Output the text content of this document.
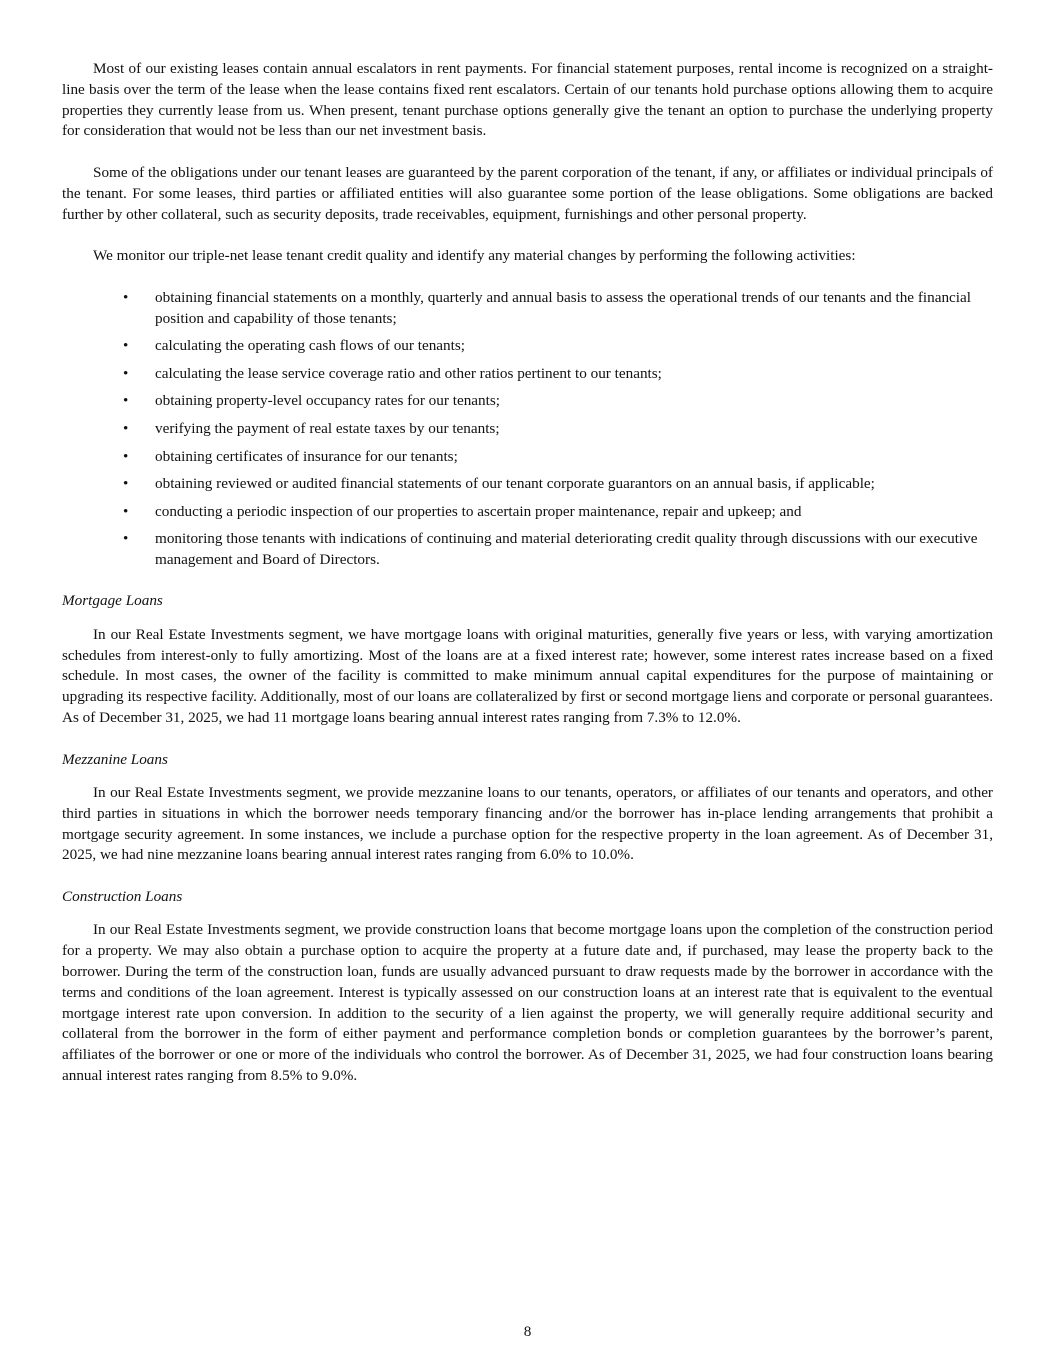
Most of our existing leases contain annual escalators in rent payments. For financial statement purposes, rental income is recognized on a straight-line basis over the term of the lease when the lease contains fixed rent escalators. Certain of our tenants hold purchase options allowing them to acquire properties they currently lease from us. When present, tenant purchase options generally give the tenant an option to purchase the underlying property for consideration that would not be less than our net investment basis.

Some of the obligations under our tenant leases are guaranteed by the parent corporation of the tenant, if any, or affiliates or individual principals of the tenant. For some leases, third parties or affiliated entities will also guarantee some portion of the lease obligations. Some obligations are backed further by other collateral, such as security deposits, trade receivables, equipment, furnishings and other personal property.

We monitor our triple-net lease tenant credit quality and identify any material changes by performing the following activities:

• obtaining financial statements on a monthly, quarterly and annual basis to assess the operational trends of our tenants and the financial position and capability of those tenants;
• calculating the operating cash flows of our tenants;
• calculating the lease service coverage ratio and other ratios pertinent to our tenants;
• obtaining property-level occupancy rates for our tenants;
• verifying the payment of real estate taxes by our tenants;
• obtaining certificates of insurance for our tenants;
• obtaining reviewed or audited financial statements of our tenant corporate guarantors on an annual basis, if applicable;
• conducting a periodic inspection of our properties to ascertain proper maintenance, repair and upkeep; and
• monitoring those tenants with indications of continuing and material deteriorating credit quality through discussions with our executive management and Board of Directors.
Mortgage Loans

In our Real Estate Investments segment, we have mortgage loans with original maturities, generally five years or less, with varying amortization schedules from interest-only to fully amortizing. Most of the loans are at a fixed interest rate; however, some interest rates increase based on a fixed schedule. In most cases, the owner of the facility is committed to make minimum annual capital expenditures for the purpose of maintaining or upgrading its respective facility. Additionally, most of our loans are collateralized by first or second mortgage liens and corporate or personal guarantees. As of December 31, 2025, we had 11 mortgage loans bearing annual interest rates ranging from 7.3% to 12.0%.

Mezzanine Loans

In our Real Estate Investments segment, we provide mezzanine loans to our tenants, operators, or affiliates of our tenants and operators, and other third parties in situations in which the borrower needs temporary financing and/or the borrower has in-place lending arrangements that prohibit a mortgage security agreement. In some instances, we include a purchase option for the respective property in the loan agreement. As of December 31, 2025, we had nine mezzanine loans bearing annual interest rates ranging from 6.0% to 10.0%.

Construction Loans

In our Real Estate Investments segment, we provide construction loans that become mortgage loans upon the completion of the construction period for a property. We may also obtain a purchase option to acquire the property at a future date and, if purchased, may lease the property back to the borrower. During the term of the construction loan, funds are usually advanced pursuant to draw requests made by the borrower in accordance with the terms and conditions of the loan agreement. Interest is typically assessed on our construction loans at an interest rate that is equivalent to the eventual mortgage interest rate upon conversion. In addition to the security of a lien against the property, we will generally require additional security and collateral from the borrower in the form of either payment and performance completion bonds or completion guarantees by the borrower’s parent, affiliates of the borrower or one or more of the individuals who control the borrower. As of December 31, 2025, we had four construction loans bearing annual interest rates ranging from 8.5% to 9.0%.

8
